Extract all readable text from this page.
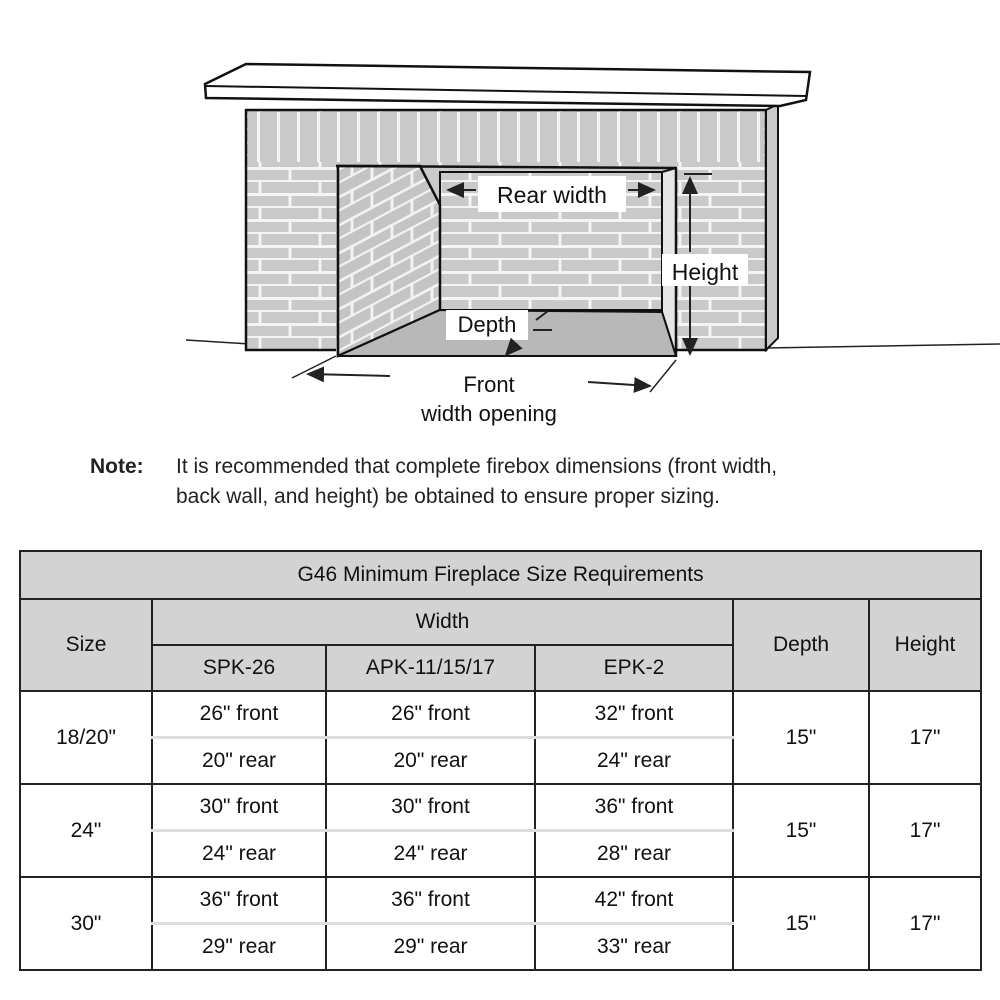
Rear width
Height
Depth
Front
width opening
Note: It is recommended that complete firebox dimensions (front width,
back wall, and height) be obtained to ensure proper sizing.
G46 Minimum Fireplace Size Requirements					
Size	Width			Depth	Height
	SPK-26	APK-11/15/17	EPK-2		
18/20"	26" front	26" front	32" front	15"	17"
	20" rear	20" rear	24" rear		
24"	30" front	30" front	36" front	15"	17"
	24" rear	24" rear	28" rear		
30"	36" front	36" front	42" front	15"	17"
	29" rear	29" rear	33" rear		
